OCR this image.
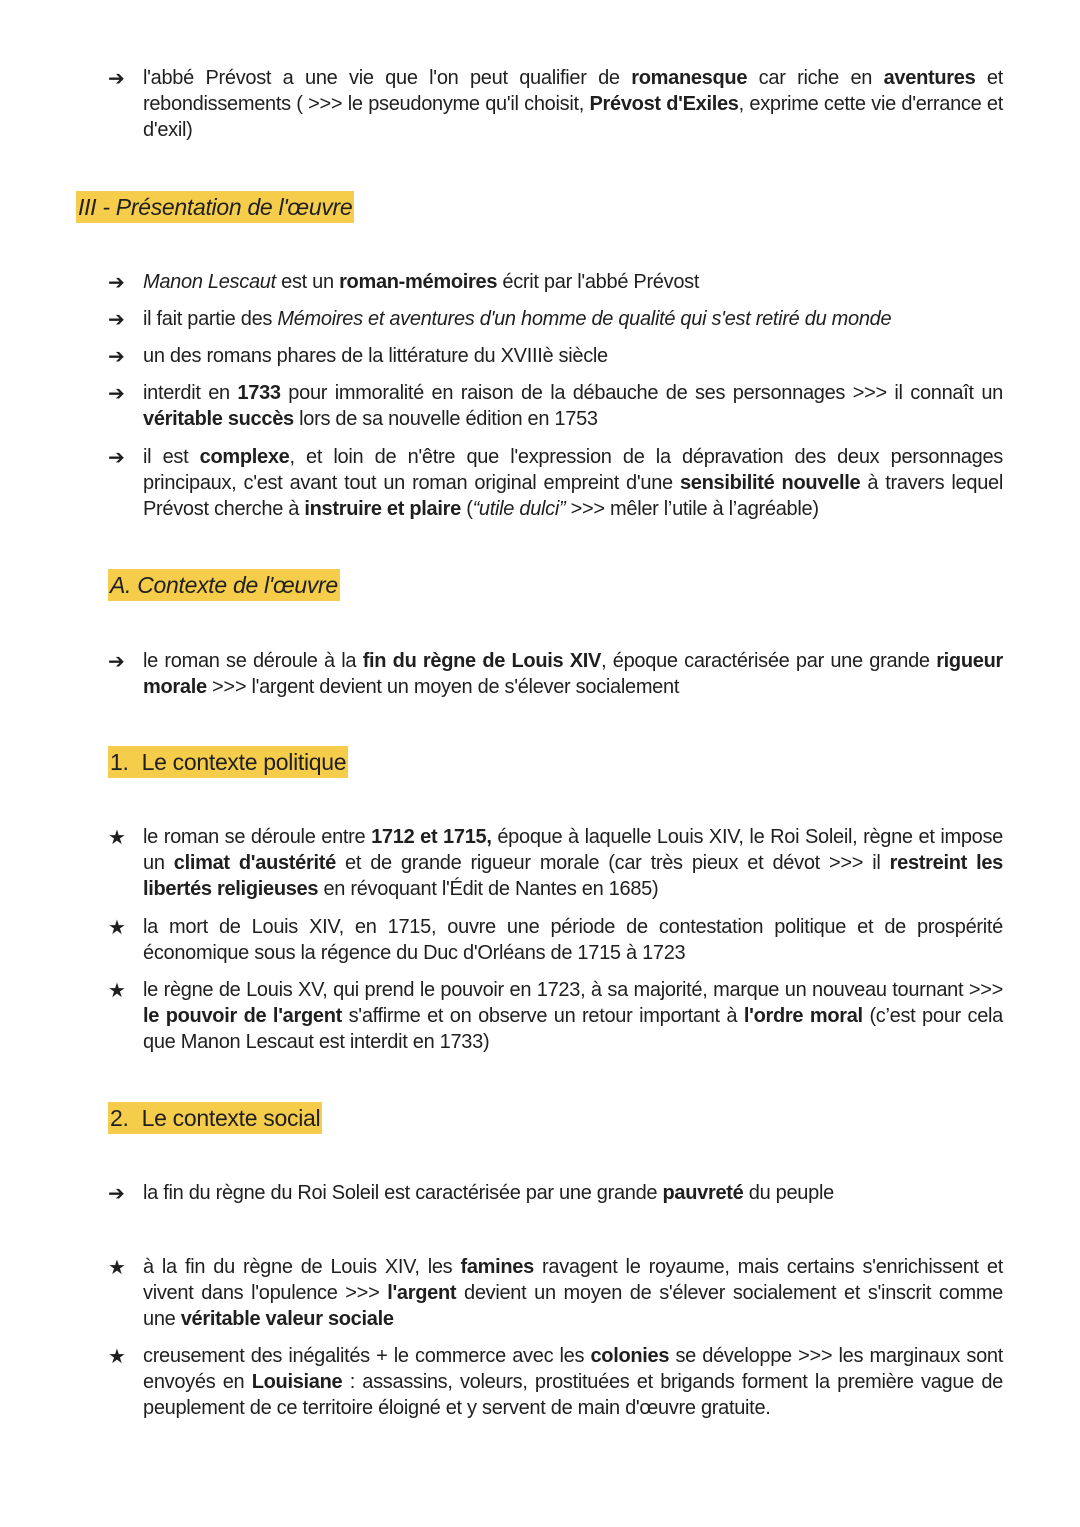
➔ l'abbé Prévost a une vie que l'on peut qualifier de romanesque car riche en aventures et rebondissements ( >>> le pseudonyme qu'il choisit, Prévost d'Exiles, exprime cette vie d'errance et d'exil)
III - Présentation de l'œuvre
➔ Manon Lescaut est un roman-mémoires écrit par l'abbé Prévost
➔ il fait partie des Mémoires et aventures d'un homme de qualité qui s'est retiré du monde
➔ un des romans phares de la littérature du XVIIIè siècle
➔ interdit en 1733 pour immoralité en raison de la débauche de ses personnages >>> il connaît un véritable succès lors de sa nouvelle édition en 1753
➔ il est complexe, et loin de n'être que l'expression de la dépravation des deux personnages principaux, c'est avant tout un roman original empreint d'une sensibilité nouvelle à travers lequel Prévost cherche à instruire et plaire (“utile dulci” >>> mêler l’utile à l’agréable)
A. Contexte de l'œuvre
➔ le roman se déroule à la fin du règne de Louis XIV, époque caractérisée par une grande rigueur morale >>> l'argent devient un moyen de s'élever socialement
1. Le contexte politique
★ le roman se déroule entre 1712 et 1715, époque à laquelle Louis XIV, le Roi Soleil, règne et impose un climat d'austérité et de grande rigueur morale (car très pieux et dévot >>> il restreint les libertés religieuses en révoquant l'Édit de Nantes en 1685)
★ la mort de Louis XIV, en 1715, ouvre une période de contestation politique et de prospérité économique sous la régence du Duc d'Orléans de 1715 à 1723
★ le règne de Louis XV, qui prend le pouvoir en 1723, à sa majorité, marque un nouveau tournant >>> le pouvoir de l'argent s'affirme et on observe un retour important à l'ordre moral (c’est pour cela que Manon Lescaut est interdit en 1733)
2. Le contexte social
➔ la fin du règne du Roi Soleil est caractérisée par une grande pauvreté du peuple
★ à la fin du règne de Louis XIV, les famines ravagent le royaume, mais certains s'enrichissent et vivent dans l'opulence >>> l'argent devient un moyen de s'élever socialement et s'inscrit comme une véritable valeur sociale
★ creusement des inégalités + le commerce avec les colonies se développe >>> les marginaux sont envoyés en Louisiane : assassins, voleurs, prostituées et brigands forment la première vague de peuplement de ce territoire éloigné et y servent de main d'œuvre gratuite.
